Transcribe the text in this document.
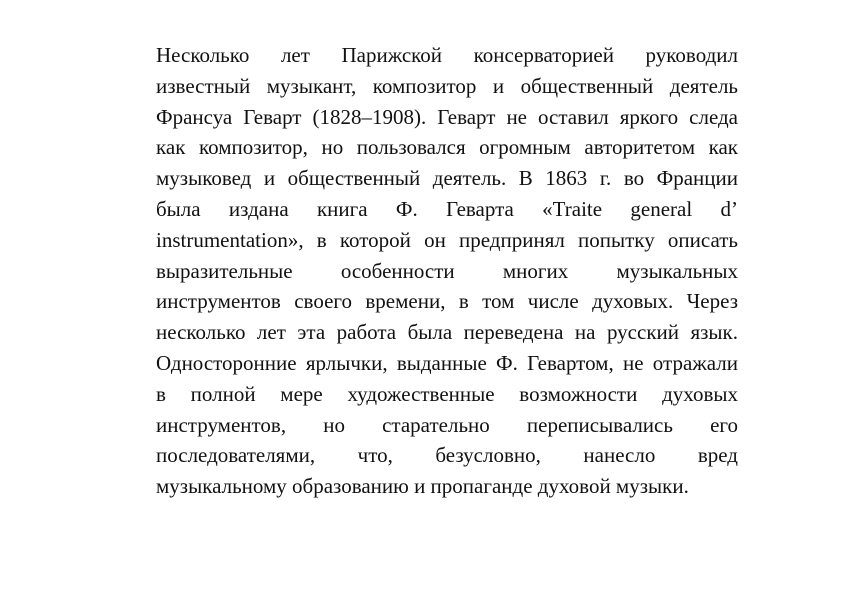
Несколько лет Парижской консерваторией руководил
известный музыкант, композитор и общественный деятель
Франсуа Геварт (1828–1908). Геварт не оставил яркого следа
как композитор, но пользовался огромным авторитетом как
музыковед и общественный деятель. В 1863 г. во Франции
была издана книга Ф. Геварта «Traite general d’
instrumentation», в которой он предпринял попытку описать
выразительные особенности многих музыкальных
инструментов своего времени, в том числе духовых. Через
несколько лет эта работа была переведена на русский язык.
Односторонние ярлычки, выданные Ф. Гевартом, не отражали
в полной мере художественные возможности духовых
инструментов, но старательно переписывались его
последователями, что, безусловно, нанесло вред
музыкальному образованию и пропаганде духовой музыки.
